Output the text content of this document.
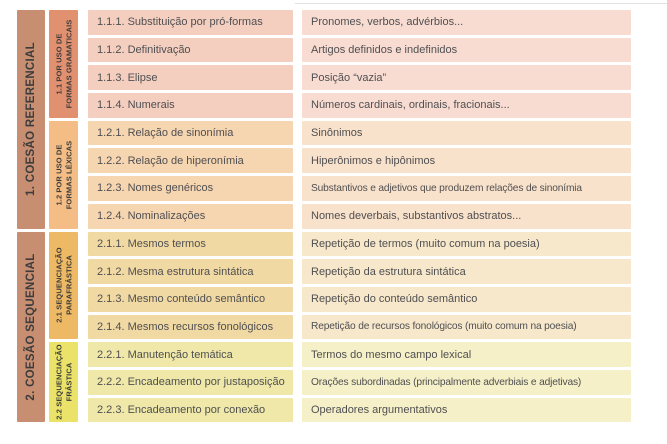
1. COESÃO REFERENCIAL
2. COESÃO SEQUENCIAL
1.1 POR USO DE FORMAS GRAMATICAIS
1.2 POR USO DE FORMAS LÉXICAS
2.1 SEQUENCIAÇÃO PARAFRÁSTICA
2.2 SEQUENCIAÇÃO FRÁSTICA
1.1.1. Substituição por pró-formas	Pronomes, verbos, advérbios...
1.1.2. Definitivação	Artigos definidos e indefinidos
1.1.3. Elipse	Posição “vazia”
1.1.4. Numerais	Números cardinais, ordinais, fracionais...
1.2.1. Relação de sinonímia	Sinônimos
1.2.2. Relação de hiperonímia	Hiperônimos e hipônimos
1.2.3. Nomes genéricos	Substantivos e adjetivos que produzem relações de sinonímia
1.2.4. Nominalizações	Nomes deverbais, substantivos abstratos...
2.1.1. Mesmos termos	Repetição de termos (muito comum na poesia)
2.1.2. Mesma estrutura sintática	Repetição da estrutura sintática
2.1.3. Mesmo conteúdo semântico	Repetição do conteúdo semântico
2.1.4. Mesmos recursos fonológicos	Repetição de recursos fonológicos (muito comum na poesia)
2.2.1. Manutenção temática	Termos do mesmo campo lexical
2.2.2. Encadeamento por justaposição	Orações subordinadas (principalmente adverbiais e adjetivas)
2.2.3. Encadeamento por conexão	Operadores argumentativos
